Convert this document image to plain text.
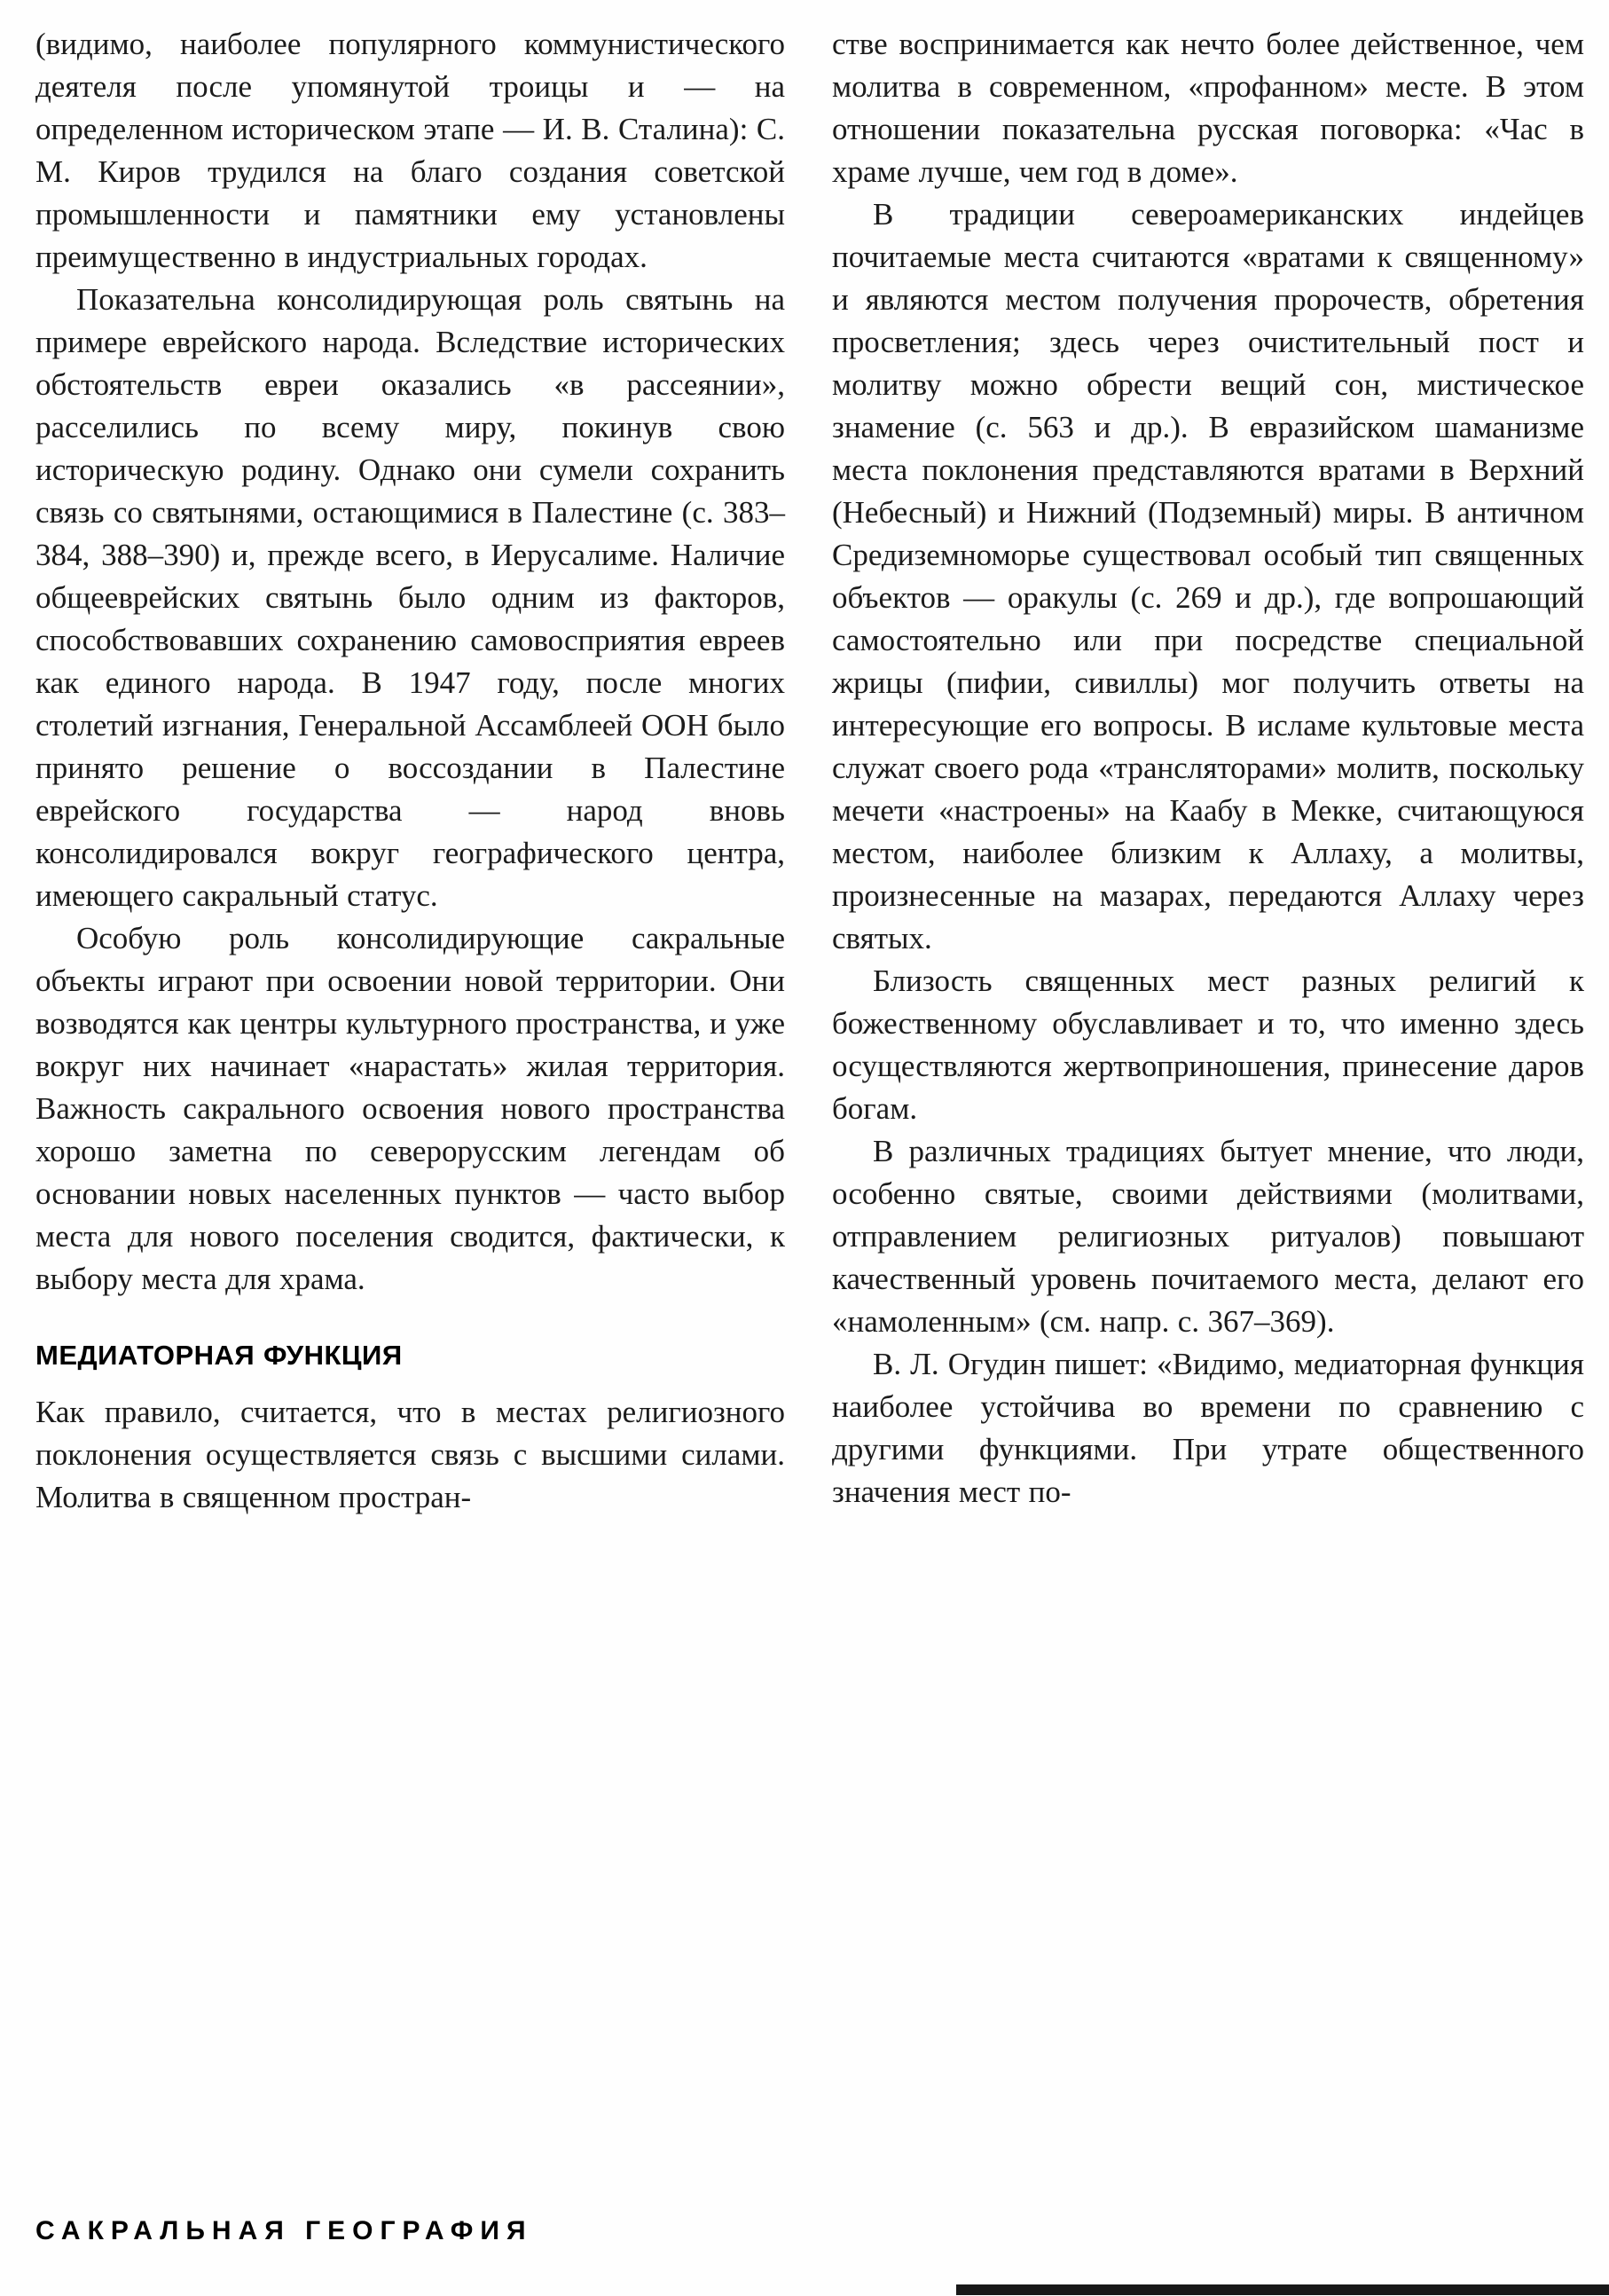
(видимо, наиболее популярного коммунистического деятеля после упомянутой троицы и — на определенном историческом этапе — И. В. Сталина): С. М. Киров трудился на благо создания советской промышленности и памятники ему установлены преимущественно в индустриальных городах.

Показательна консолидирующая роль святынь на примере еврейского народа. Вследствие исторических обстоятельств евреи оказались «в рассеянии», расселились по всему миру, покинув свою историческую родину. Однако они сумели сохранить связь со святынями, остающимися в Палестине (с. 383–384, 388–390) и, прежде всего, в Иерусалиме. Наличие общееврейских святынь было одним из факторов, способствовавших сохранению самовосприятия евреев как единого народа. В 1947 году, после многих столетий изгнания, Генеральной Ассамблеей ООН было принято решение о воссоздании в Палестине еврейского государства — народ вновь консолидировался вокруг географического центра, имеющего сакральный статус.

Особую роль консолидирующие сакральные объекты играют при освоении новой территории. Они возводятся как центры культурного пространства, и уже вокруг них начинает «нарастать» жилая территория. Важность сакрального освоения нового пространства хорошо заметна по северорусским легендам об основании новых населенных пунктов — часто выбор места для нового поселения сводится, фактически, к выбору места для храма.

МЕДИАТОРНАЯ ФУНКЦИЯ

Как правило, считается, что в местах религиозного поклонения осуществляется связь с высшими силами. Молитва в священном простран-

стве воспринимается как нечто более действенное, чем молитва в современном, «профанном» месте. В этом отношении показательна русская поговорка: «Час в храме лучше, чем год в доме».

В традиции североамериканских индейцев почитаемые места считаются «вратами к священному» и являются местом получения пророчеств, обретения просветления; здесь через очистительный пост и молитву можно обрести вещий сон, мистическое знамение (с. 563 и др.). В евразийском шаманизме места поклонения представляются вратами в Верхний (Небесный) и Нижний (Подземный) миры. В античном Средиземноморье существовал особый тип священных объектов — оракулы (с. 269 и др.), где вопрошающий самостоятельно или при посредстве специальной жрицы (пифии, сивиллы) мог получить ответы на интересующие его вопросы. В исламе культовые места служат своего рода «трансляторами» молитв, поскольку мечети «настроены» на Каабу в Мекке, считающуюся местом, наиболее близким к Аллаху, а молитвы, произнесенные на мазарах, передаются Аллаху через святых.

Близость священных мест разных религий к божественному обуславливает и то, что именно здесь осуществляются жертвоприношения, принесение даров богам.

В различных традициях бытует мнение, что люди, особенно святые, своими действиями (молитвами, отправлением религиозных ритуалов) повышают качественный уровень почитаемого места, делают его «намоленным» (см. напр. с. 367–369).

В. Л. Огудин пишет: «Видимо, медиаторная функция наиболее устойчива во времени по сравнению с другими функциями. При утрате общественного значения мест по-

САКРАЛЬНАЯ ГЕОГРАФИЯ
